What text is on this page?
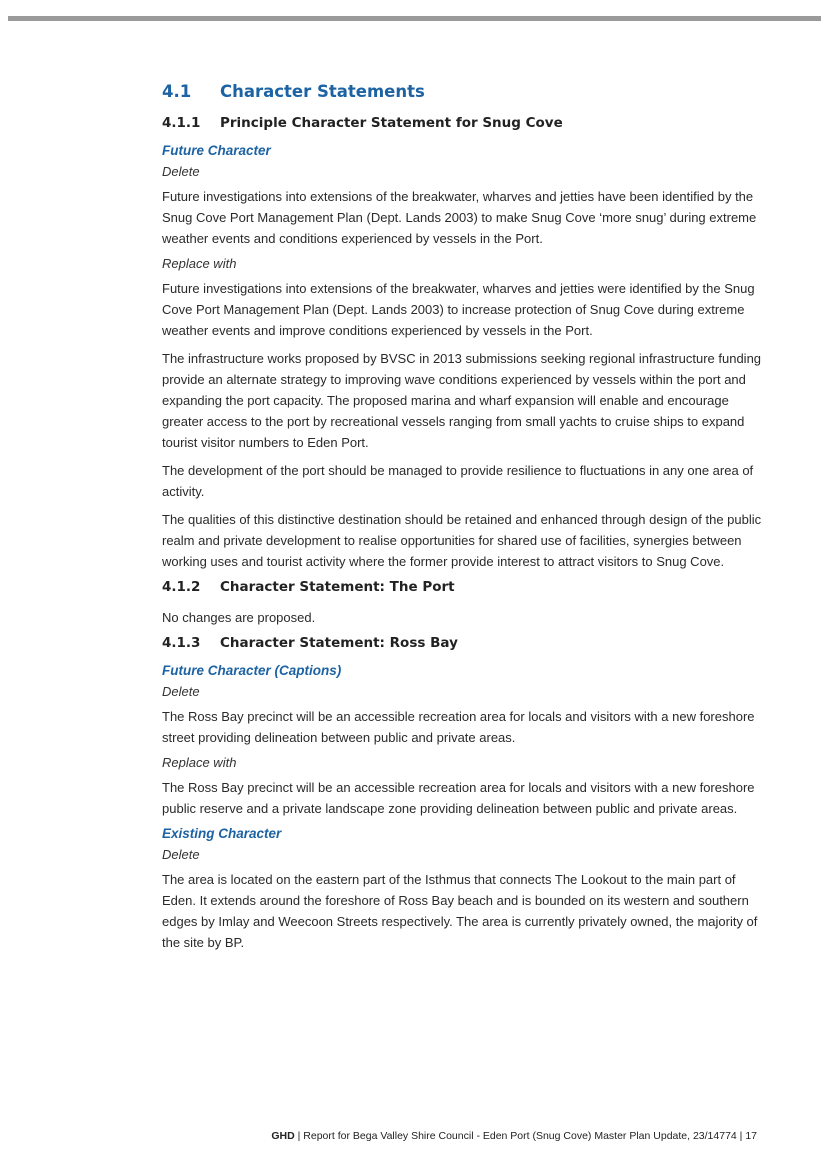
4.1	Character Statements
4.1.1	Principle Character Statement for Snug Cove
Future Character
Delete
Future investigations into extensions of the breakwater, wharves and jetties have been identified by the Snug Cove Port Management Plan (Dept. Lands 2003) to make Snug Cove ‘more snug’ during extreme weather events and conditions experienced by vessels in the Port.
Replace with
Future investigations into extensions of the breakwater, wharves and jetties were identified by the Snug Cove Port Management Plan (Dept. Lands 2003) to increase protection of Snug Cove during extreme weather events and improve conditions experienced by vessels in the Port.
The infrastructure works proposed by BVSC in 2013 submissions seeking regional infrastructure funding provide an alternate strategy to improving wave conditions experienced by vessels within the port and expanding the port capacity. The proposed marina and wharf expansion will enable and encourage greater access to the port by recreational vessels ranging from small yachts to cruise ships to expand tourist visitor numbers to Eden Port.
The development of the port should be managed to provide resilience to fluctuations in any one area of activity.
The qualities of this distinctive destination should be retained and enhanced through design of the public realm and private development to realise opportunities for shared use of facilities, synergies between working uses and tourist activity where the former provide interest to attract visitors to Snug Cove.
4.1.2	Character Statement: The Port
No changes are proposed.
4.1.3	Character Statement: Ross Bay
Future Character (Captions)
Delete
The Ross Bay precinct will be an accessible recreation area for locals and visitors with a new foreshore street providing delineation between public and private areas.
Replace with
The Ross Bay precinct will be an accessible recreation area for locals and visitors with a new foreshore public reserve and a private landscape zone providing delineation between public and private areas.
Existing Character
Delete
The area is located on the eastern part of the Isthmus that connects The Lookout to the main part of Eden. It extends around the foreshore of Ross Bay beach and is bounded on its western and southern edges by Imlay and Weecoon Streets respectively. The area is currently privately owned, the majority of the site by BP.
GHD | Report for Bega Valley Shire Council - Eden Port (Snug Cove) Master Plan Update, 23/14774 | 17
